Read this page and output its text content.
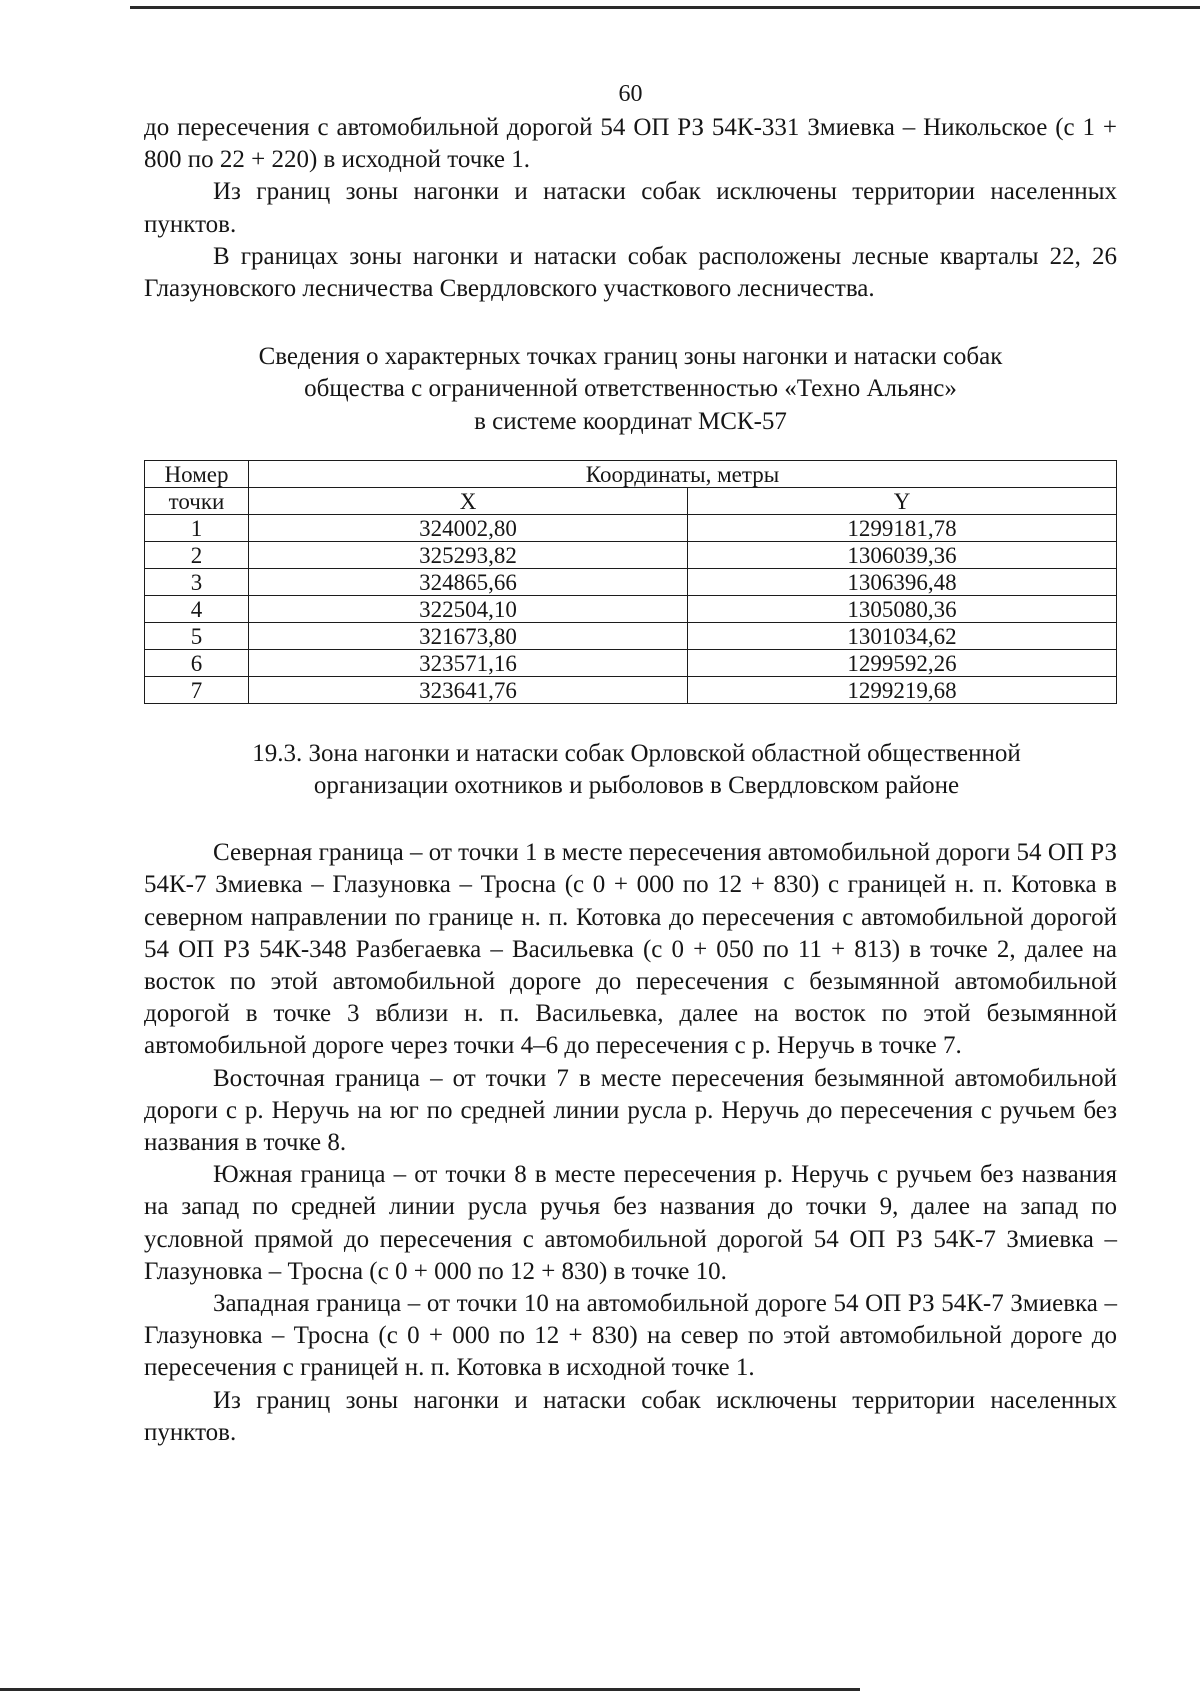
60

до пересечения с автомобильной дорогой 54 ОП РЗ 54К-331 Змиевка – Никольское (с 1 + 800 по 22 + 220) в исходной точке 1.

Из границ зоны нагонки и натаски собак исключены территории населенных пунктов.

В границах зоны нагонки и натаски собак расположены лесные кварталы 22, 26 Глазуновского лесничества Свердловского участкового лесничества.

Сведения о характерных точках границ зоны нагонки и натаски собак
общества с ограниченной ответственностью «Техно Альянс»
в системе координат МСК-57
Номер	Координаты, метры	
точки	X	Y
1	324002,80	1299181,78
2	325293,82	1306039,36
3	324865,66	1306396,48
4	322504,10	1305080,36
5	321673,80	1301034,62
6	323571,16	1299592,26
7	323641,76	1299219,68
19.3. Зона нагонки и натаски собак Орловской областной общественной
организации охотников и рыболовов в Свердловском районе

Северная граница – от точки 1 в месте пересечения автомобильной дороги 54 ОП РЗ 54К-7 Змиевка – Глазуновка – Тросна (с 0 + 000 по 12 + 830) с границей н. п. Котовка в северном направлении по границе н. п. Котовка до пересечения с автомобильной дорогой 54 ОП РЗ 54К-348 Разбегаевка – Васильевка (с 0 + 050 по 11 + 813) в точке 2, далее на восток по этой автомобильной дороге до пересечения с безымянной автомобильной дорогой в точке 3 вблизи н. п. Васильевка, далее на восток по этой безымянной автомобильной дороге через точки 4–6 до пересечения с р. Неручь в точке 7.

Восточная граница – от точки 7 в месте пересечения безымянной автомобильной дороги с р. Неручь на юг по средней линии русла р. Неручь до пересечения с ручьем без названия в точке 8.

Южная граница – от точки 8 в месте пересечения р. Неручь с ручьем без названия на запад по средней линии русла ручья без названия до точки 9, далее на запад по условной прямой до пересечения с автомобильной дорогой 54 ОП РЗ 54К-7 Змиевка – Глазуновка – Тросна (с 0 + 000 по 12 + 830) в точке 10.

Западная граница – от точки 10 на автомобильной дороге 54 ОП РЗ 54К-7 Змиевка – Глазуновка – Тросна (с 0 + 000 по 12 + 830) на север по этой автомобильной дороге до пересечения с границей н. п. Котовка в исходной точке 1.

Из границ зоны нагонки и натаски собак исключены территории населенных пунктов.
